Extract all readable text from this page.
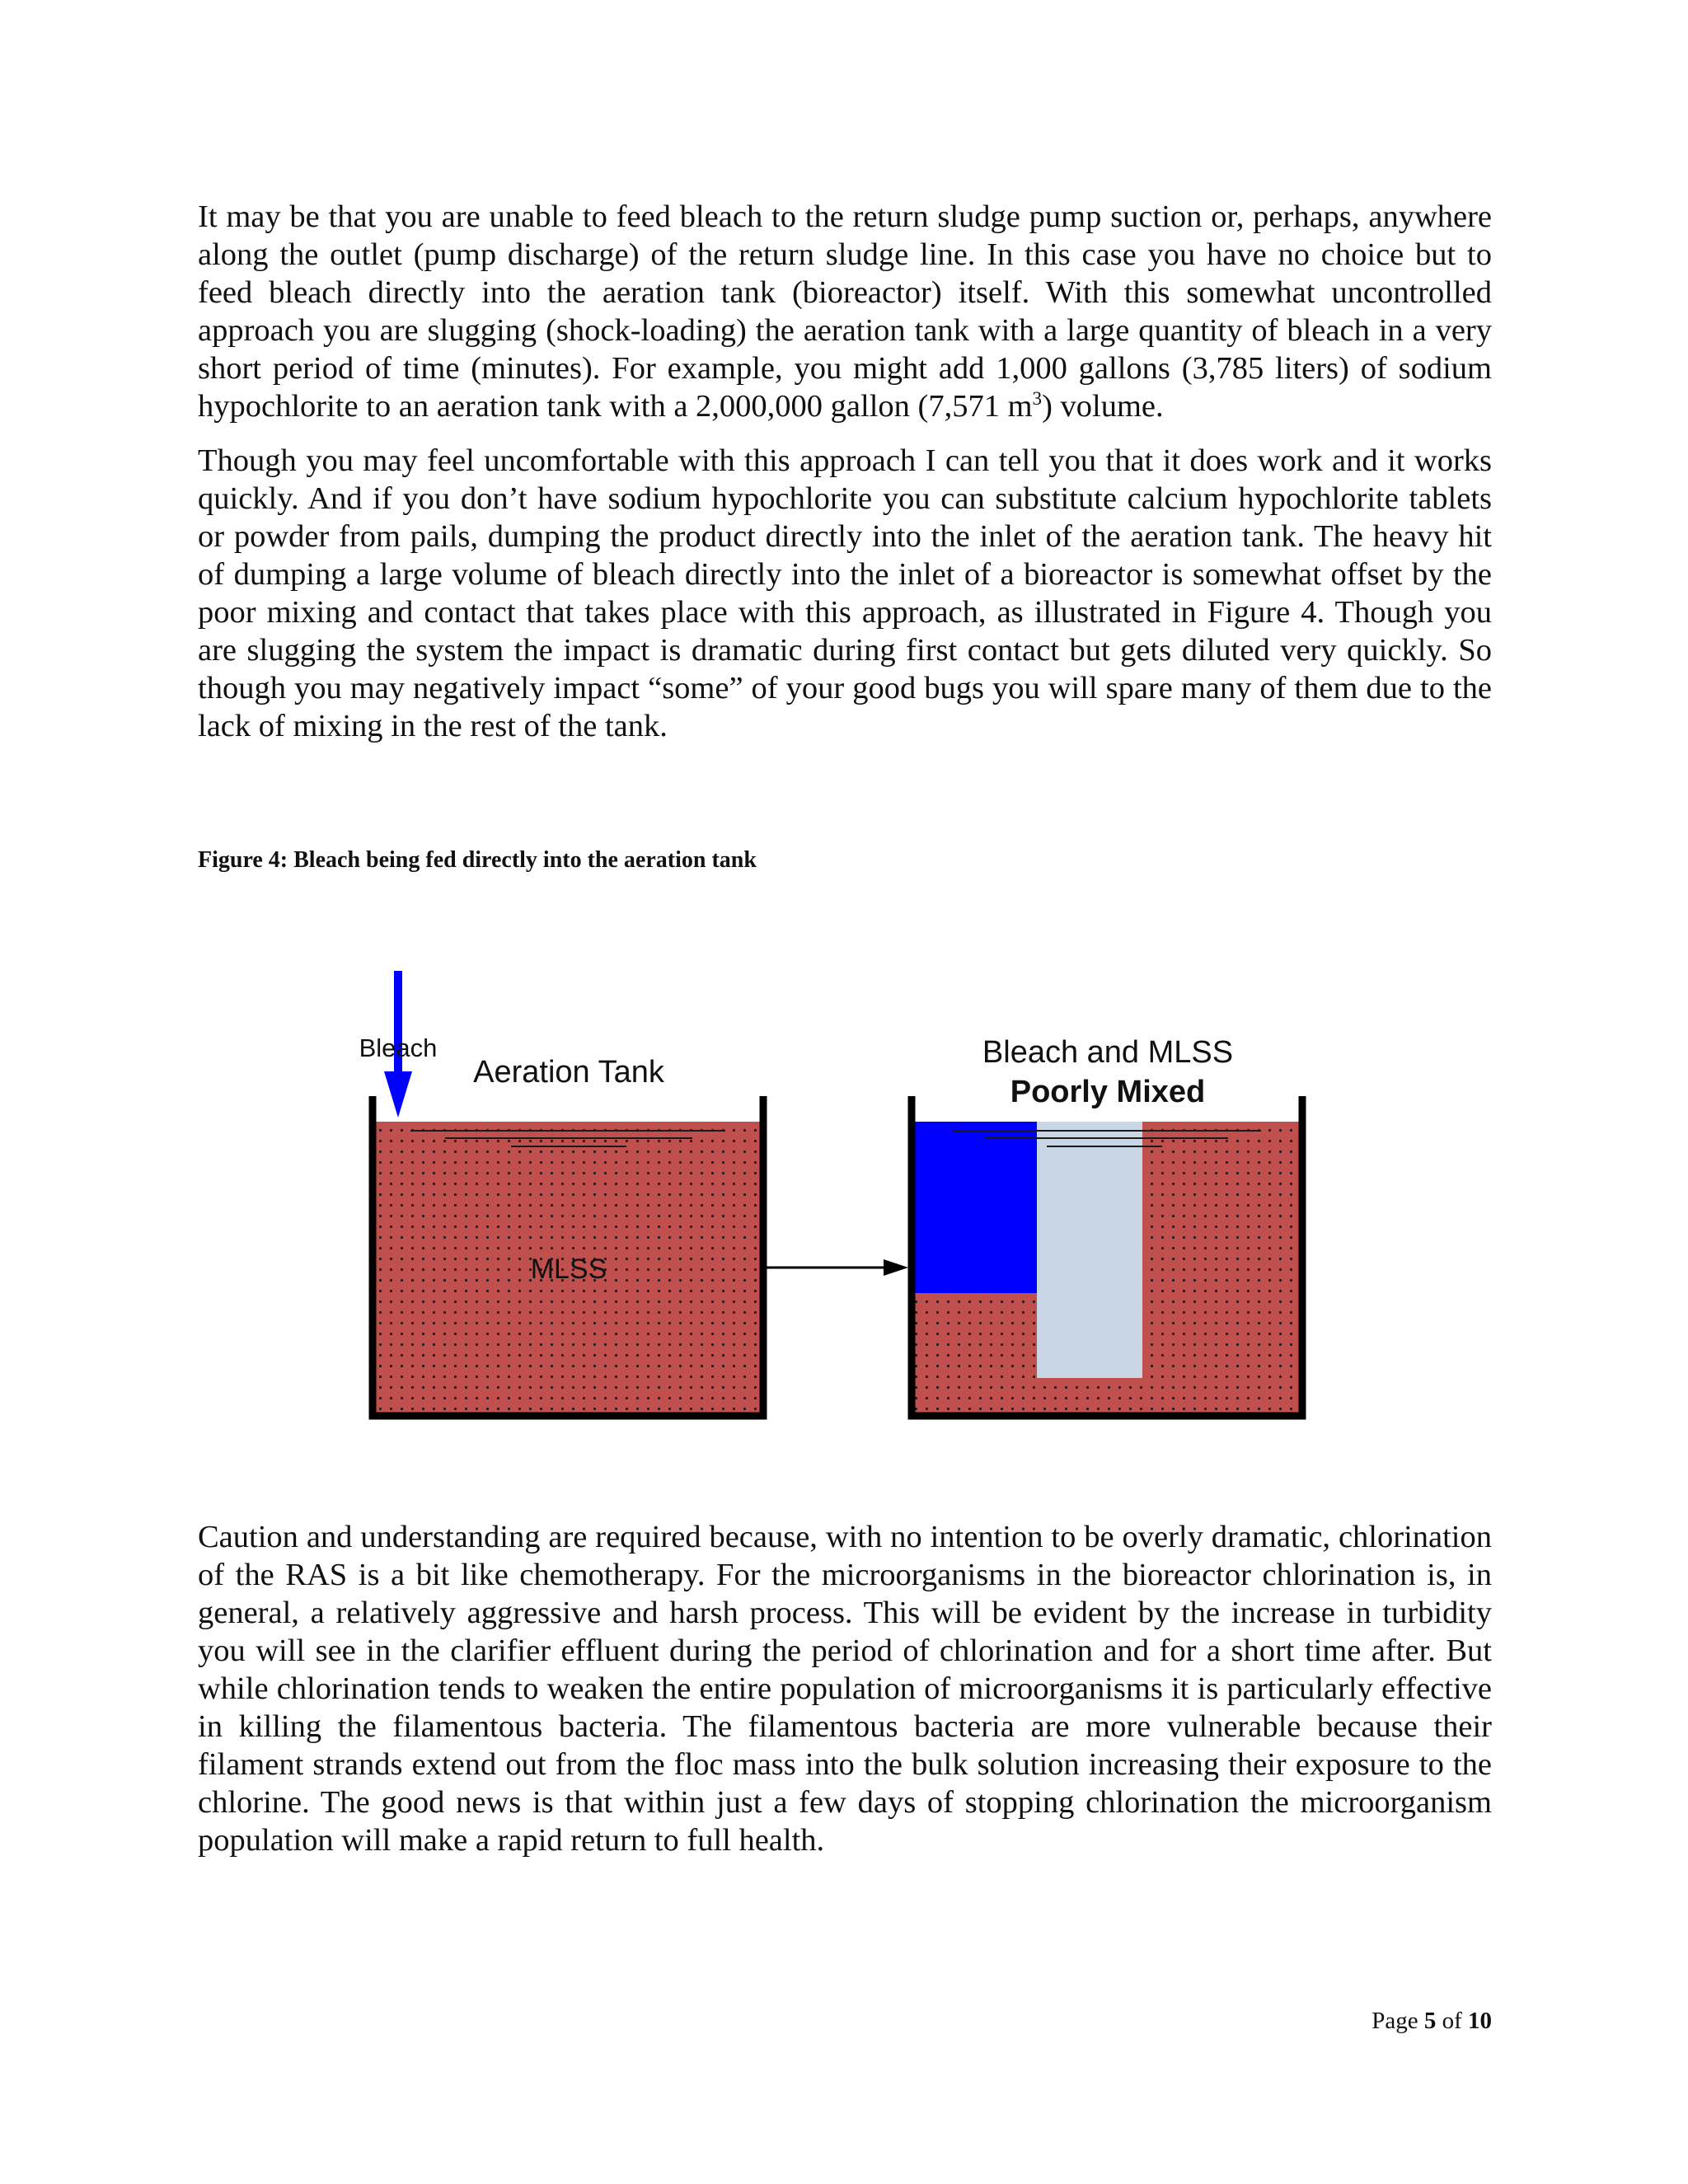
It may be that you are unable to feed bleach to the return sludge pump suction or, perhaps, anywhere along the outlet (pump discharge) of the return sludge line. In this case you have no choice but to feed bleach directly into the aeration tank (bioreactor) itself. With this somewhat uncontrolled approach you are slugging (shock-loading) the aeration tank with a large quantity of bleach in a very short period of time (minutes). For example, you might add 1,000 gallons (3,785 liters) of sodium hypochlorite to an aeration tank with a 2,000,000 gallon (7,571 $m^3$) volume.

Though you may feel uncomfortable with this approach I can tell you that it does work and it works quickly. And if you don’t have sodium hypochlorite you can substitute calcium hypochlorite tablets or powder from pails, dumping the product directly into the inlet of the aeration tank. The heavy hit of dumping a large volume of bleach directly into the inlet of a bioreactor is somewhat offset by the poor mixing and contact that takes place with this approach, as illustrated in Figure 4. Though you are slugging the system the impact is dramatic during first contact but gets diluted very quickly. So though you may negatively impact “some” of your good bugs you will spare many of them due to the lack of mixing in the rest of the tank.

Figure 4: Bleach being fed directly into the aeration tank

Bleach
Aeration Tank
MLSS
Bleach and MLSS
Poorly Mixed

Caution and understanding are required because, with no intention to be overly dramatic, chlorination of the RAS is a bit like chemotherapy. For the microorganisms in the bioreactor chlorination is, in general, a relatively aggressive and harsh process. This will be evident by the increase in turbidity you will see in the clarifier effluent during the period of chlorination and for a short time after. But while chlorination tends to weaken the entire population of microorganisms it is particularly effective in killing the filamentous bacteria. The filamentous bacteria are more vulnerable because their filament strands extend out from the floc mass into the bulk solution increasing their exposure to the chlorine. The good news is that within just a few days of stopping chlorination the microorganism population will make a rapid return to full health.

Page 5 of 10
